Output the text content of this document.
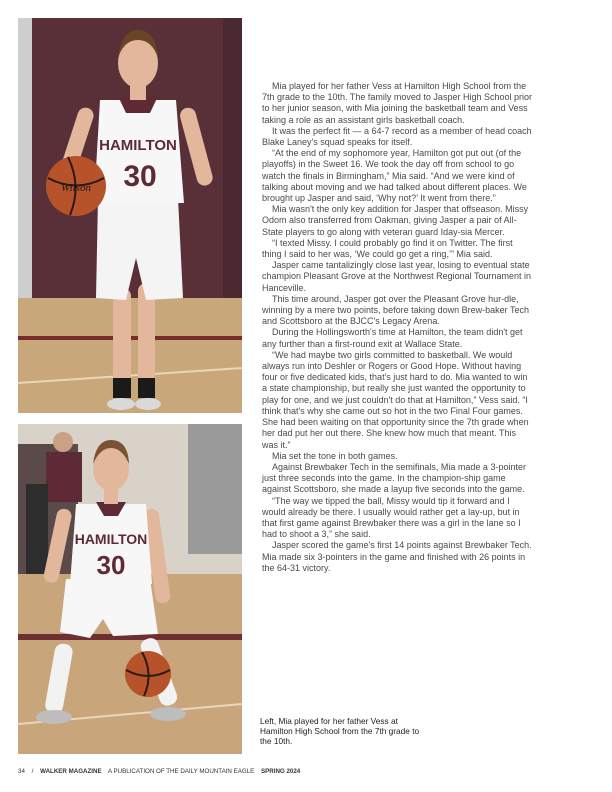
HAMILTON
30
Wilson
HAMILTON
30

Mia played for her father Vess at Hamilton High School from the 7th grade to the 10th. The family moved to Jasper High School prior to her junior season, with Mia joining the basketball team and Vess taking a role as an assistant girls basketball coach.

It was the perfect fit — a 64-7 record as a member of head coach Blake Laney's squad speaks for itself.

“At the end of my sophomore year, Hamilton got put out (of the playoffs) in the Sweet 16. We took the day off from school to go watch the finals in Birmingham,” Mia said. “And we were kind of talking about moving and we had talked about different places. We brought up Jasper and said, ‘Why not?’ It went from there.”

Mia wasn't the only key addition for Jasper that offseason. Missy Odom also transferred from Oakman, giving Jasper a pair of All-State players to go along with veteran guard Iday-sia Mercer.

“I texted Missy. I could probably go find it on Twitter. The first thing I said to her was, ‘We could go get a ring,’” Mia said.

Jasper came tantalizingly close last year, losing to eventual state champion Pleasant Grove at the Northwest Regional Tournament in Hanceville.

This time around, Jasper got over the Pleasant Grove hur-dle, winning by a mere two points, before taking down Brew-baker Tech and Scottsboro at the BJCC's Legacy Arena.

During the Hollingsworth's time at Hamilton, the team didn't get any further than a first-round exit at Wallace State.

“We had maybe two girls committed to basketball. We would always run into Deshler or Rogers or Good Hope. Without having four or five dedicated kids, that's just hard to do. Mia wanted to win a state championship, but really she just wanted the opportunity to play for one, and we just couldn't do that at Hamilton,” Vess said. “I think that's why she came out so hot in the two Final Four games. She had been waiting on that opportunity since the 7th grade when her dad put her out there. She knew how much that meant. This was it.”

Mia set the tone in both games.

Against Brewbaker Tech in the semifinals, Mia made a 3-pointer just three seconds into the game. In the champion-ship game against Scottsboro, she made a layup five seconds into the game.

“The way we tipped the ball, Missy would tip it forward and I would already be there. I usually would rather get a lay-up, but in that first game against Brewbaker there was a girl in the lane so I had to shoot a 3,” she said.

Jasper scored the game's first 14 points against Brewbaker Tech. Mia made six 3-pointers in the game and finished with 26 points in the 64-31 victory.

Left, Mia played for her father Vess at Hamilton High School from the 7th grade to the 10th.
34 / WALKER MAGAZINE A PUBLICATION OF THE DAILY MOUNTAIN EAGLE SPRING 2024
